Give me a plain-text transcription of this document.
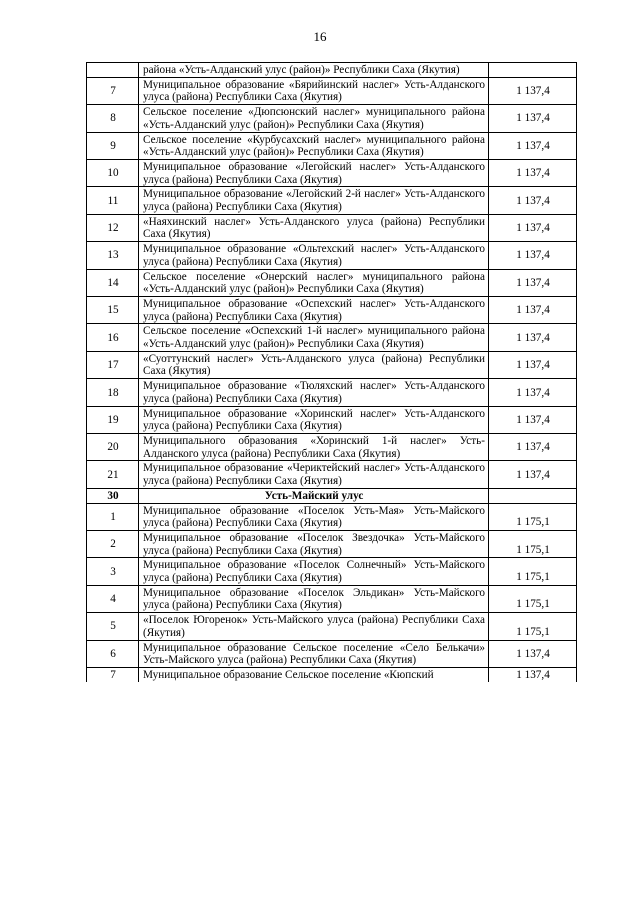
16
	района «Усть-Алданский улус (район)» Республики Саха (Якутия)	
7	Муниципальное образование «Бярийинский наслег» Усть-Алданского улуса (района) Республики Саха (Якутия)	1 137,4
8	Сельское поселение «Дюпсюнский наслег» муниципального района «Усть-Алданский улус (район)» Республики Саха (Якутия)	1 137,4
9	Сельское поселение «Курбусахский наслег» муниципального района «Усть-Алданский улус (район)» Республики Саха (Якутия)	1 137,4
10	Муниципальное образование «Легойский наслег» Усть-Алданского улуса (района) Республики Саха (Якутия)	1 137,4
11	Муниципальное образование «Легойский 2-й наслег» Усть-Алданского улуса (района) Республики Саха (Якутия)	1 137,4
12	«Наяхинский наслег» Усть-Алданского улуса (района) Республики Саха (Якутия)	1 137,4
13	Муниципальное образование «Ольтехский наслег» Усть-Алданского улуса (района) Республики Саха (Якутия)	1 137,4
14	Сельское поселение «Онерский наслег» муниципального района «Усть-Алданский улус (район)» Республики Саха (Якутия)	1 137,4
15	Муниципальное образование «Оспехский наслег» Усть-Алданского улуса (района) Республики Саха (Якутия)	1 137,4
16	Сельское поселение «Оспехский 1-й наслег» муниципального района «Усть-Алданский улус (район)» Республики Саха (Якутия)	1 137,4
17	«Суоттунский наслег» Усть-Алданского улуса (района) Республики Саха (Якутия)	1 137,4
18	Муниципальное образование «Тюляхский наслег» Усть-Алданского улуса (района) Республики Саха (Якутия)	1 137,4
19	Муниципальное образование «Хоринский наслег» Усть-Алданского улуса (района) Республики Саха (Якутия)	1 137,4
20	Муниципального образования «Хоринский 1-й наслег» Усть-Алданского улуса (района) Республики Саха (Якутия)	1 137,4
21	Муниципальное образование «Чериктейский наслег» Усть-Алданского улуса (района) Республики Саха (Якутия)	1 137,4
30	Усть-Майский улус	
1	Муниципальное образование «Поселок Усть-Мая» Усть-Майского улуса (района) Республики Саха (Якутия)	1 175,1
2	Муниципальное образование «Поселок Звездочка» Усть-Майского улуса (района) Республики Саха (Якутия)	1 175,1
3	Муниципальное образование «Поселок Солнечный» Усть-Майского улуса (района) Республики Саха (Якутия)	1 175,1
4	Муниципальное образование «Поселок Эльдикан» Усть-Майского улуса (района) Республики Саха (Якутия)	1 175,1
5	«Поселок Югоренок» Усть-Майского улуса (района) Республики Саха (Якутия)	1 175,1
6	Муниципальное образование Сельское поселение «Село Белькачи» Усть-Майского улуса (района) Республики Саха (Якутия)	1 137,4
7	Муниципальное образование Сельское поселение «Кюпский	1 137,4
